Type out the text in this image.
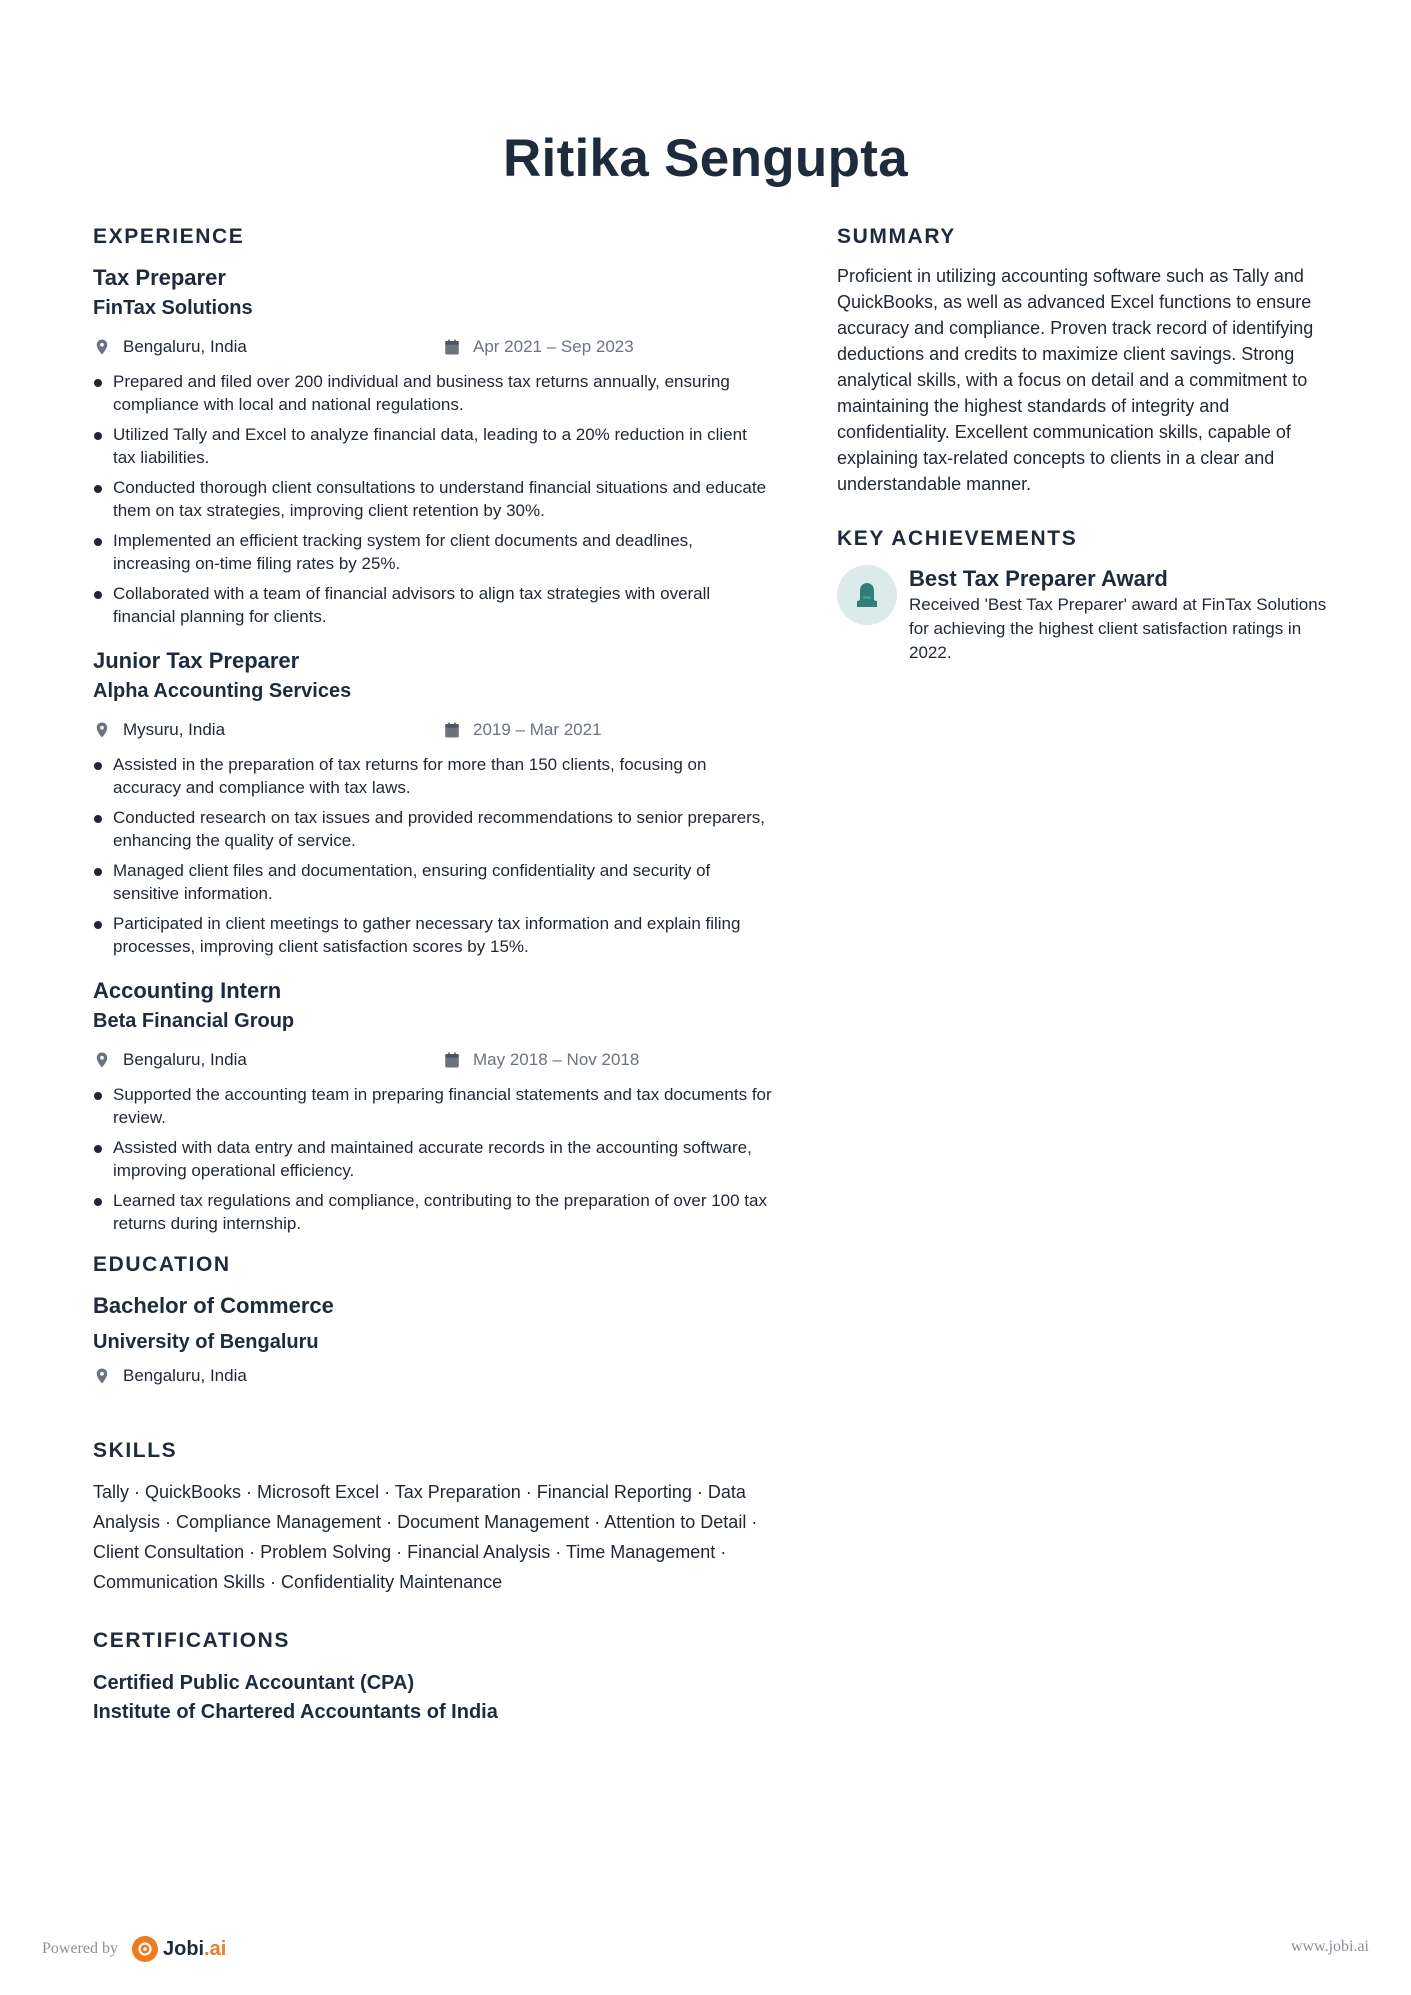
Ritika Sengupta
EXPERIENCE
Tax Preparer
FinTax Solutions
Bengaluru, India	Apr 2021 – Sep 2023
Prepared and filed over 200 individual and business tax returns annually, ensuring compliance with local and national regulations.
Utilized Tally and Excel to analyze financial data, leading to a 20% reduction in client tax liabilities.
Conducted thorough client consultations to understand financial situations and educate them on tax strategies, improving client retention by 30%.
Implemented an efficient tracking system for client documents and deadlines, increasing on-time filing rates by 25%.
Collaborated with a team of financial advisors to align tax strategies with overall financial planning for clients.
Junior Tax Preparer
Alpha Accounting Services
Mysuru, India	2019 – Mar 2021
Assisted in the preparation of tax returns for more than 150 clients, focusing on accuracy and compliance with tax laws.
Conducted research on tax issues and provided recommendations to senior preparers, enhancing the quality of service.
Managed client files and documentation, ensuring confidentiality and security of sensitive information.
Participated in client meetings to gather necessary tax information and explain filing processes, improving client satisfaction scores by 15%.
Accounting Intern
Beta Financial Group
Bengaluru, India	May 2018 – Nov 2018
Supported the accounting team in preparing financial statements and tax documents for review.
Assisted with data entry and maintained accurate records in the accounting software, improving operational efficiency.
Learned tax regulations and compliance, contributing to the preparation of over 100 tax returns during internship.
EDUCATION
Bachelor of Commerce
University of Bengaluru
Bengaluru, India
SKILLS
Tally · QuickBooks · Microsoft Excel · Tax Preparation · Financial Reporting · Data Analysis · Compliance Management · Document Management · Attention to Detail · Client Consultation · Problem Solving · Financial Analysis · Time Management · Communication Skills · Confidentiality Maintenance
CERTIFICATIONS
Certified Public Accountant (CPA)
Institute of Chartered Accountants of India
SUMMARY
Proficient in utilizing accounting software such as Tally and QuickBooks, as well as advanced Excel functions to ensure accuracy and compliance. Proven track record of identifying deductions and credits to maximize client savings. Strong analytical skills, with a focus on detail and a commitment to maintaining the highest standards of integrity and confidentiality. Excellent communication skills, capable of explaining tax-related concepts to clients in a clear and understandable manner.
KEY ACHIEVEMENTS
Best Tax Preparer Award
Received 'Best Tax Preparer' award at FinTax Solutions for achieving the highest client satisfaction ratings in 2022.
Powered by Jobi.ai	www.jobi.ai
